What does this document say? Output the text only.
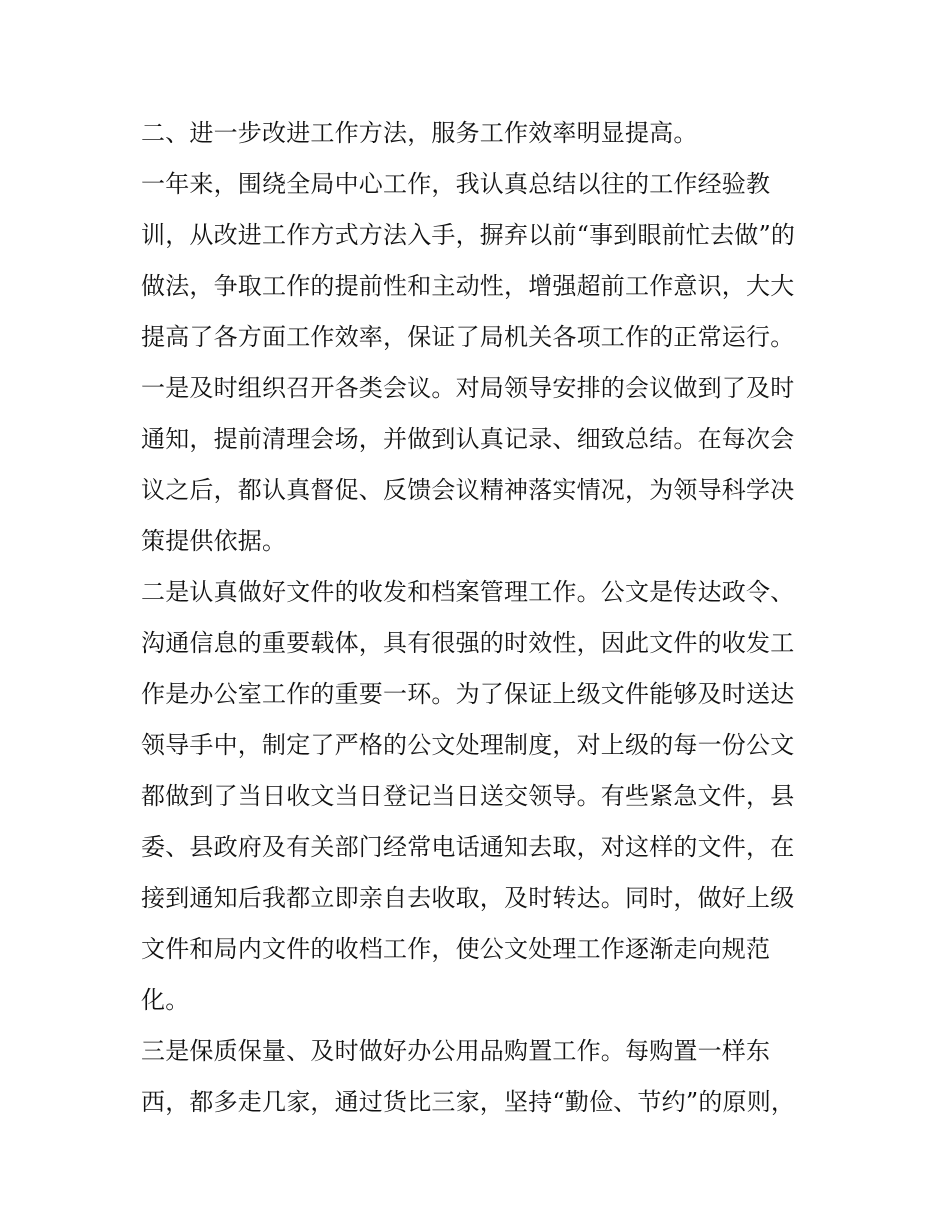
二、进一步改进工作方法，服务工作效率明显提高。
一年来，围绕全局中心工作，我认真总结以往的工作经验教
训，从改进工作方式方法入手，摒弃以前“事到眼前忙去做”的
做法，争取工作的提前性和主动性，增强超前工作意识，大大
提高了各方面工作效率，保证了局机关各项工作的正常运行。
一是及时组织召开各类会议。对局领导安排的会议做到了及时
通知，提前清理会场，并做到认真记录、细致总结。在每次会
议之后，都认真督促、反馈会议精神落实情况，为领导科学决
策提供依据。
二是认真做好文件的收发和档案管理工作。公文是传达政令、
沟通信息的重要载体，具有很强的时效性，因此文件的收发工
作是办公室工作的重要一环。为了保证上级文件能够及时送达
领导手中，制定了严格的公文处理制度，对上级的每一份公文
都做到了当日收文当日登记当日送交领导。有些紧急文件，县
委、县政府及有关部门经常电话通知去取，对这样的文件，在
接到通知后我都立即亲自去收取，及时转达。同时，做好上级
文件和局内文件的收档工作，使公文处理工作逐渐走向规范
化。
三是保质保量、及时做好办公用品购置工作。每购置一样东
西，都多走几家，通过货比三家，坚持“勤俭、节约”的原则，
